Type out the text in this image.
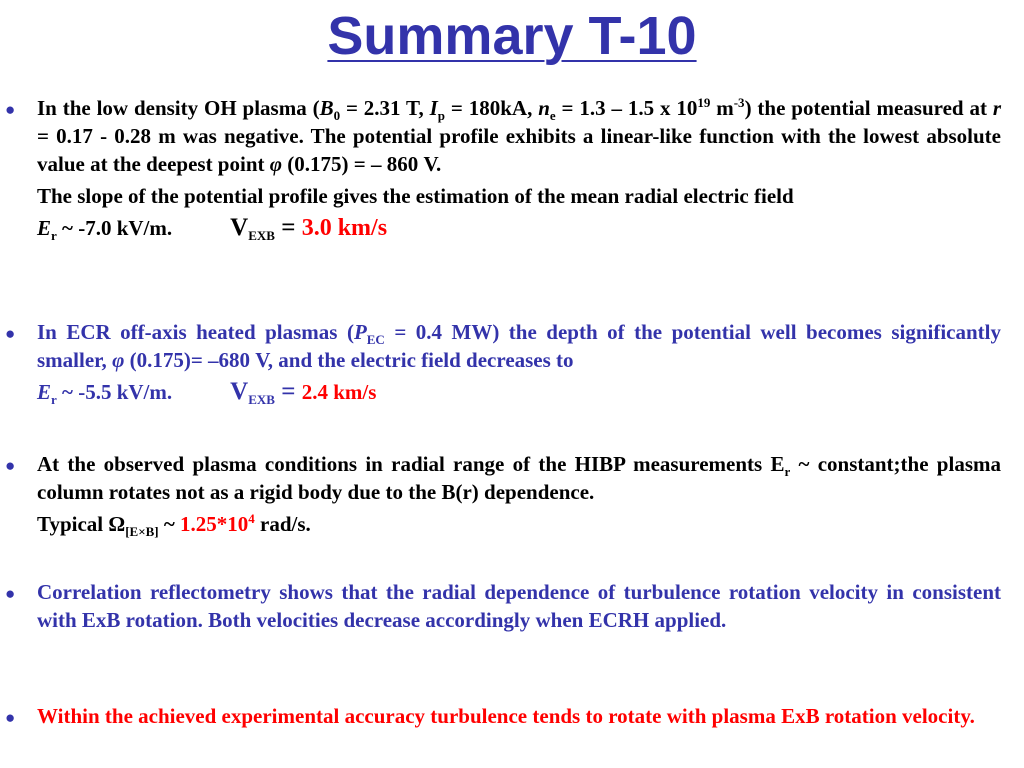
Summary T-10
● In the low density OH plasma ($B_0 = 2.31$ T, $I_p = 180kA$, $n_e = 1.3 - 1.5$ x $10^{19}$ $m^{-3}$) the potential measured at r = 0.17 - 0.28 m was negative. The potential profile exhibits a linear-like function with the lowest absolute value at the deepest point φ (0.175) = – 860 V.

The slope of the potential profile gives the estimation of the mean radial electric field

$E_r$ ~ -7.0 kV/m. $V_{EXB} = 3.0$ km/s

● In ECR off-axis heated plasmas ($P_{EC} = 0.4$ MW) the depth of the potential well becomes significantly smaller, φ (0.175)= –680 V, and the electric field decreases to

$E_r$ ~ -5.5 kV/m. $V_{EXB} = 2.4$ km/s

● At the observed plasma conditions in radial range of the HIBP measurements $E_r$ ~ constant;the plasma column rotates not as a rigid body due to the B(r) dependence.

Typical $\Omega_{[E\times B]}$ ~ $1.25*10^4$ rad/s.

● Correlation reflectometry shows that the radial dependence of turbulence rotation velocity in consistent with ExB rotation. Both velocities decrease accordingly when ECRH applied.

● Within the achieved experimental accuracy turbulence tends to rotate with plasma ExB rotation velocity.
